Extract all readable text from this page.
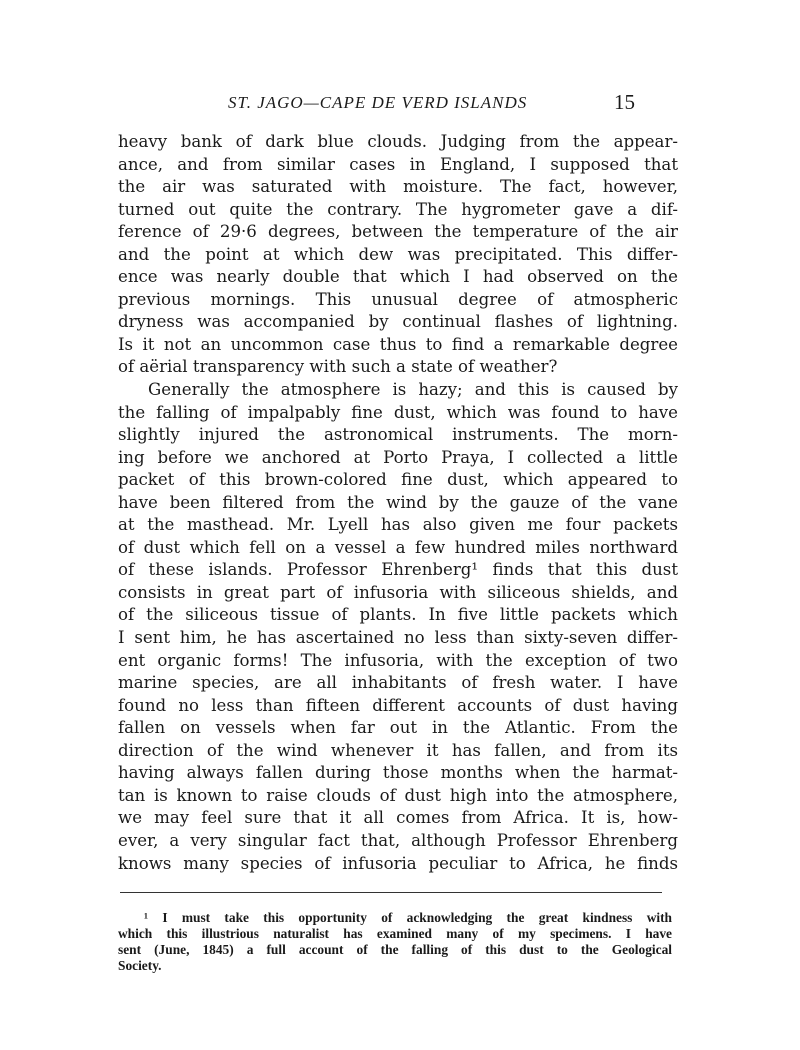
ST. JAGO—CAPE DE VERD ISLANDS	15
heavy bank of dark blue clouds. Judging from the appear-
ance, and from similar cases in England, I supposed that
the air was saturated with moisture. The fact, however,
turned out quite the contrary. The hygrometer gave a dif-
ference of 29·6 degrees, between the temperature of the air
and the point at which dew was precipitated. This differ-
ence was nearly double that which I had observed on the
previous mornings. This unusual degree of atmospheric
dryness was accompanied by continual flashes of lightning.
Is it not an uncommon case thus to find a remarkable degree
of aërial transparency with such a state of weather?
Generally the atmosphere is hazy; and this is caused by
the falling of impalpably fine dust, which was found to have
slightly injured the astronomical instruments. The morn-
ing before we anchored at Porto Praya, I collected a little
packet of this brown-colored fine dust, which appeared to
have been filtered from the wind by the gauze of the vane
at the masthead. Mr. Lyell has also given me four packets
of dust which fell on a vessel a few hundred miles northward
of these islands. Professor Ehrenberg¹ finds that this dust
consists in great part of infusoria with siliceous shields, and
of the siliceous tissue of plants. In five little packets which
I sent him, he has ascertained no less than sixty-seven differ-
ent organic forms! The infusoria, with the exception of two
marine species, are all inhabitants of fresh water. I have
found no less than fifteen different accounts of dust having
fallen on vessels when far out in the Atlantic. From the
direction of the wind whenever it has fallen, and from its
having always fallen during those months when the harmat-
tan is known to raise clouds of dust high into the atmosphere,
we may feel sure that it all comes from Africa. It is, how-
ever, a very singular fact that, although Professor Ehrenberg
knows many species of infusoria peculiar to Africa, he finds
¹ I must take this opportunity of acknowledging the great kindness with
which this illustrious naturalist has examined many of my specimens. I have
sent (June, 1845) a full account of the falling of this dust to the Geological
Society.
